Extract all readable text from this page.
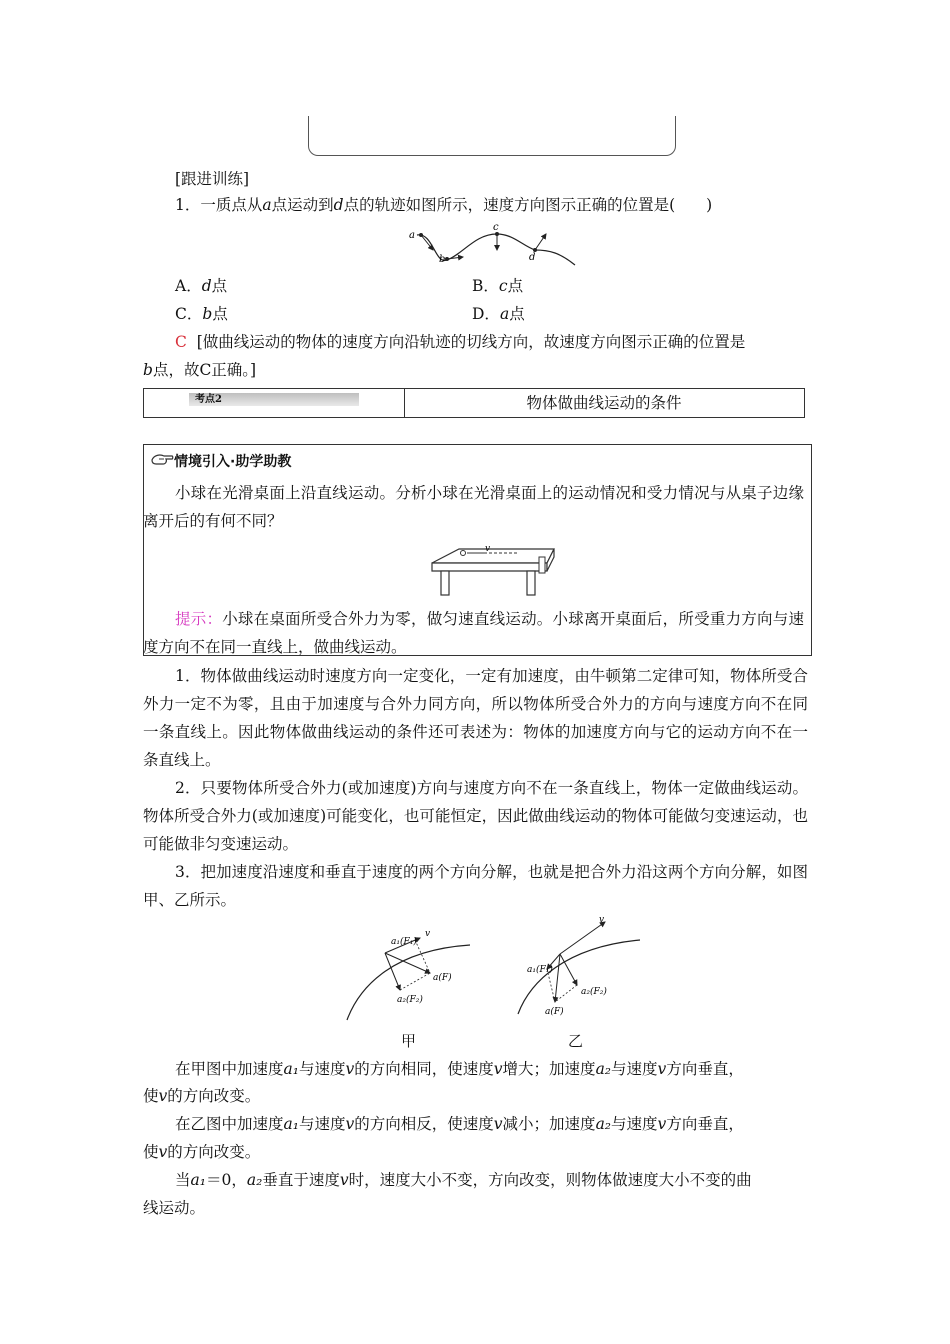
[跟进训练]
1．一质点从a点运动到d点的轨迹如图所示，速度方向图示正确的位置是(　　)
a
b
c
d
A．d点	B．c点
C．b点	D．a点
C [做曲线运动的物体的速度方向沿轨迹的切线方向，故速度方向图示正确的位置是
b点，故C正确。]
考点2	物体做曲线运动的条件
情境引入·助学助教
小球在光滑桌面上沿直线运动。分析小球在光滑桌面上的运动情况和受力情况与从桌子边缘离开后的有何不同？
v
提示：小球在桌面所受合外力为零，做匀速直线运动。小球离开桌面后，所受重力方向与速度方向不在同一直线上，做曲线运动。
1．物体做曲线运动时速度方向一定变化，一定有加速度，由牛顿第二定律可知，物体所受合外力一定不为零，且由于加速度与合外力同方向，所以物体所受合外力的方向与速度方向不在同一条直线上。因此物体做曲线运动的条件还可表述为：物体的加速度方向与它的运动方向不在一条直线上。
2．只要物体所受合外力(或加速度)方向与速度方向不在一条直线上，物体一定做曲线运动。物体所受合外力(或加速度)可能变化，也可能恒定，因此做曲线运动的物体可能做匀变速运动，也可能做非匀变速运动。
3．把加速度沿速度和垂直于速度的两个方向分解，也就是把合外力沿这两个方向分解，如图甲、乙所示。
a₁(F₁)
v
a(F)
a₂(F₂)
甲
v
a₁(F₁)
a₂(F₂)
a(F)
乙
在甲图中加速度a₁与速度v的方向相同，使速度v增大；加速度a₂与速度v方向垂直，
使v的方向改变。
在乙图中加速度a₁与速度v的方向相反，使速度v减小；加速度a₂与速度v方向垂直，
使v的方向改变。
当a₁＝0，a₂垂直于速度v时，速度大小不变，方向改变，则物体做速度大小不变的曲
线运动。
